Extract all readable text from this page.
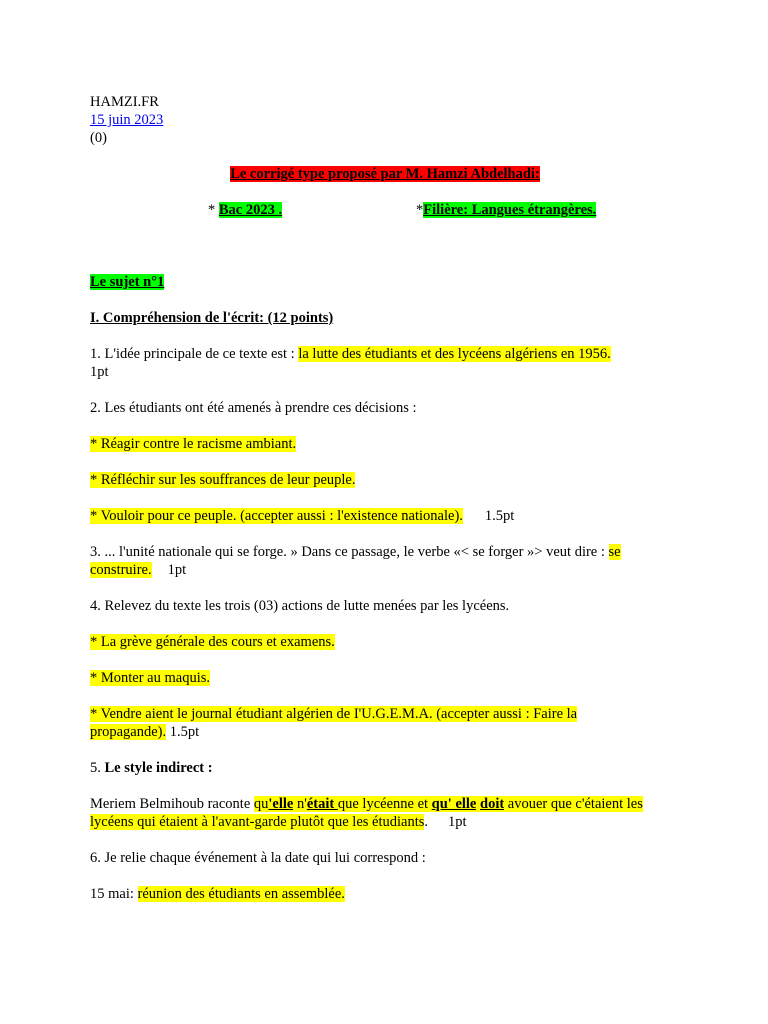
HAMZI.FR

15 juin 2023

(0)

Le corrigé type proposé par M. Hamzi Abdelhadi:

* Bac 2023 .	*Filière: Langues étrangères.

Le sujet n°1

I. Compréhension de l'écrit: (12 points)

1. L'idée principale de ce texte est : la lutte des étudiants et des lycéens algériens en 1956.
1pt

2. Les étudiants ont été amenés à prendre ces décisions :

* Réagir contre le racisme ambiant.

* Réfléchir sur les souffrances de leur peuple.

* Vouloir pour ce peuple. (accepter aussi : l'existence nationale). 1.5pt

3. ... l'unité nationale qui se forge. » Dans ce passage, le verbe «< se forger »> veut dire : se
construire. 1pt

4. Relevez du texte les trois (03) actions de lutte menées par les lycéens.

* La grève générale des cours et examens.

* Monter au maquis.

* Vendre aient le journal étudiant algérien de I'U.G.E.M.A. (accepter aussi : Faire la
propagande). 1.5pt

5. Le style indirect :

Meriem Belmihoub raconte qu'elle n'était que lycéenne et qu' elle doit avouer que c'étaient les
lycéens qui étaient à l'avant-garde plutôt que les étudiants. 1pt

6. Je relie chaque événement à la date qui lui correspond :

15 mai: réunion des étudiants en assemblée.
